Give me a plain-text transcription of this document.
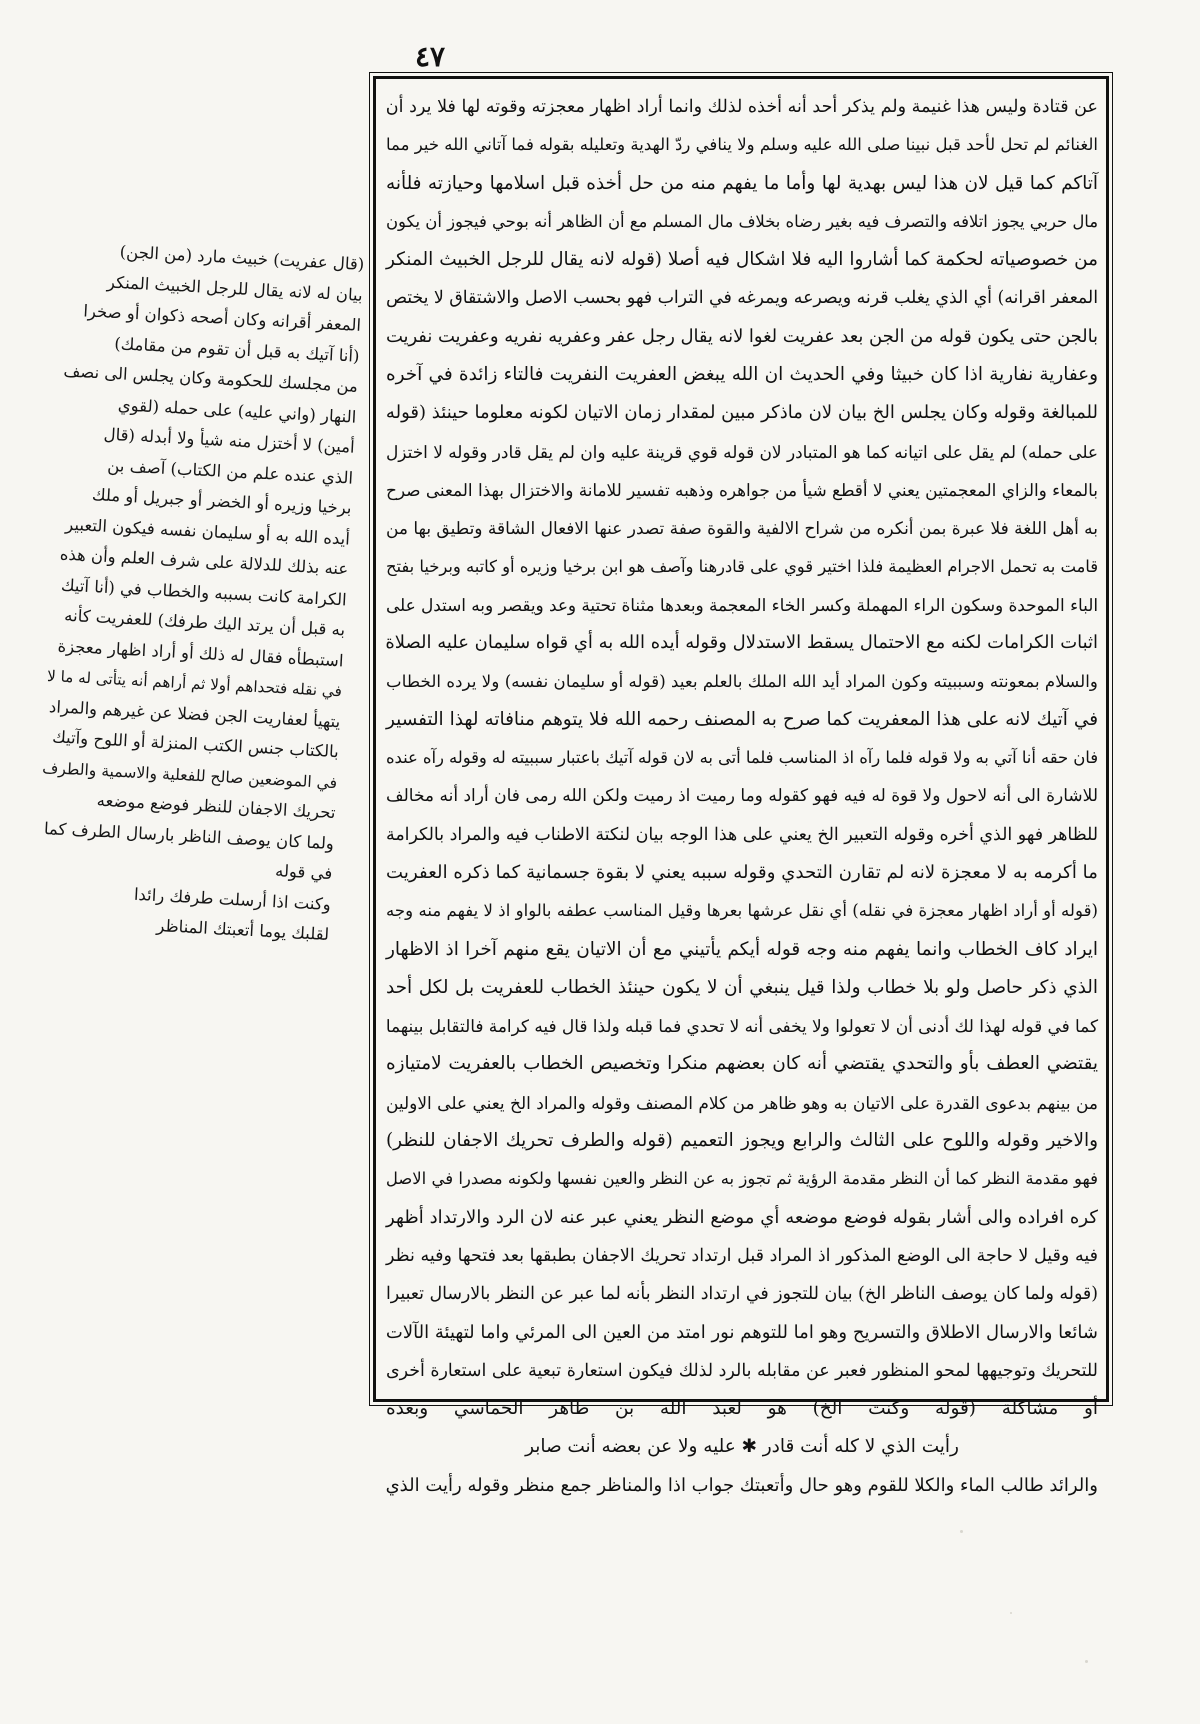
٤٧
عن قتادة وليس هذا غنيمة ولم يذكر أحد أنه أخذه لذلك وانما أراد اظهار معجزته وقوته لها فلا يرد أن
الغنائم لم تحل لأحد قبل نبينا صلى الله عليه وسلم ولا ينافي ردّ الهدية وتعليله بقوله فما آتاني الله خير مما
آتاكم كما قيل لان هذا ليس بهدية لها وأما ما يفهم منه من حل أخذه قبل اسلامها وحيازته فلأنه
مال حربي يجوز اتلافه والتصرف فيه بغير رضاه بخلاف مال المسلم مع أن الظاهر أنه بوحي فيجوز أن يكون
من خصوصياته لحكمة كما أشاروا اليه فلا اشكال فيه أصلا (قوله لانه يقال للرجل الخبيث المنكر
المعفر اقرانه) أي الذي يغلب قرنه ويصرعه ويمرغه في التراب فهو بحسب الاصل والاشتقاق لا يختص
بالجن حتى يكون قوله من الجن بعد عفريت لغوا لانه يقال رجل عفر وعفريه نفريه وعفريت نفريت
وعفارية نفارية اذا كان خبيثا وفي الحديث ان الله يبغض العفريت النفريت فالتاء زائدة في آخره
للمبالغة وقوله وكان يجلس الخ بيان لان ماذكر مبين لمقدار زمان الاتيان لكونه معلوما حينئذ (قوله
على حمله) لم يقل على اتيانه كما هو المتبادر لان قوله قوي قرينة عليه وان لم يقل قادر وقوله لا اختزل
بالمعاء والزاي المعجمتين يعني لا أقطع شيأ من جواهره وذهبه تفسير للامانة والاختزال بهذا المعنى صرح
به أهل اللغة فلا عبرة بمن أنكره من شراح الالفية والقوة صفة تصدر عنها الافعال الشاقة وتطيق بها من
قامت به تحمل الاجرام العظيمة فلذا اختير قوي على قادرهنا وآصف هو ابن برخيا وزيره أو كاتبه وبرخيا بفتح
الباء الموحدة وسكون الراء المهملة وكسر الخاء المعجمة وبعدها مثناة تحتية وعد ويقصر وبه استدل على
اثبات الكرامات لكنه مع الاحتمال يسقط الاستدلال وقوله أيده الله به أي قواه سليمان عليه الصلاة
والسلام بمعونته وسببيته وكون المراد أيد الله الملك بالعلم بعيد (قوله أو سليمان نفسه) ولا يرده الخطاب
في آتيك لانه على هذا المعفريت كما صرح به المصنف رحمه الله فلا يتوهم منافاته لهذا التفسير
فان حقه أنا آتي به ولا قوله فلما رآه اذ المناسب فلما أتى به لان قوله آتيك باعتبار سببيته له وقوله رآه عنده
للاشارة الى أنه لاحول ولا قوة له فيه فهو كقوله وما رميت اذ رميت ولكن الله رمى فان أراد أنه مخالف
للظاهر فهو الذي أخره وقوله التعبير الخ يعني على هذا الوجه بيان لنكتة الاطناب فيه والمراد بالكرامة
ما أكرمه به لا معجزة لانه لم تقارن التحدي وقوله سببه يعني لا بقوة جسمانية كما ذكره العفريت
(قوله أو أراد اظهار معجزة في نقله) أي نقل عرشها بعرها وقيل المناسب عطفه بالواو اذ لا يفهم منه وجه
ايراد كاف الخطاب وانما يفهم منه وجه قوله أيكم يأتيني مع أن الاتيان يقع منهم آخرا اذ الاظهار
الذي ذكر حاصل ولو بلا خطاب ولذا قيل ينبغي أن لا يكون حينئذ الخطاب للعفريت بل لكل أحد
كما في قوله لهذا لك أدنى أن لا تعولوا ولا يخفى أنه لا تحدي فما قبله ولذا قال فيه كرامة فالتقابل بينهما
يقتضي العطف بأو والتحدي يقتضي أنه كان بعضهم منكرا وتخصيص الخطاب بالعفريت لامتيازه
من بينهم بدعوى القدرة على الاتيان به وهو ظاهر من كلام المصنف وقوله والمراد الخ يعني على الاولين
والاخير وقوله واللوح على الثالث والرابع ويجوز التعميم (قوله والطرف تحريك الاجفان للنظر)
فهو مقدمة النظر كما أن النظر مقدمة الرؤية ثم تجوز به عن النظر والعين نفسها ولكونه مصدرا في الاصل
كره افراده والى أشار بقوله فوضع موضعه أي موضع النظر يعني عبر عنه لان الرد والارتداد أظهر
فيه وقيل لا حاجة الى الوضع المذكور اذ المراد قبل ارتداد تحريك الاجفان بطبقها بعد فتحها وفيه نظر
(قوله ولما كان يوصف الناظر الخ) بيان للتجوز في ارتداد النظر بأنه لما عبر عن النظر بالارسال تعبيرا
شائعا والارسال الاطلاق والتسريح وهو اما للتوهم نور امتد من العين الى المرئي واما لتهيئة الآلات
للتحريك وتوجيهها لمحو المنظور فعبر عن مقابله بالرد لذلك فيكون استعارة تبعية على استعارة أخرى
أو مشاكلة (قوله وكنت الخ) هو لعبد الله بن طاهر الحماسي وبعده
رأيت الذي لا كله أنت قادر ✱ عليه ولا عن بعضه أنت صابر
والرائد طالب الماء والكلا للقوم وهو حال وأتعبتك جواب اذا والمناظر جمع منظر وقوله رأيت الذي
(قال عفريت) خبيث مارد (من الجن)
بيان له لانه يقال للرجل الخبيث المنكر
المعفر أقرانه وكان أصحه ذكوان أو صخرا
(أنا آتيك به قبل أن تقوم من مقامك)
من مجلسك للحكومة وكان يجلس الى نصف
النهار (واني عليه) على حمله (لقوي
أمين) لا أختزل منه شيأ ولا أبدله (قال
الذي عنده علم من الكتاب) آصف بن
برخيا وزيره أو الخضر أو جبريل أو ملك
أيده الله به أو سليمان نفسه فيكون التعبير
عنه بذلك للدلالة على شرف العلم وأن هذه
الكرامة كانت بسببه والخطاب في (أنا آتيك
به قبل أن يرتد اليك طرفك) للعفريت كأنه
استبطأه فقال له ذلك أو أراد اظهار معجزة
في نقله فتحداهم أولا ثم أراهم أنه يتأتى له ما لا
يتهيأ لعفاريت الجن فضلا عن غيرهم والمراد
بالكتاب جنس الكتب المنزلة أو اللوح وآتيك
في الموضعين صالح للفعلية والاسمية والطرف
تحريك الاجفان للنظر فوضع موضعه
ولما كان يوصف الناظر بارسال الطرف كما
في قوله
وكنت اذا أرسلت طرفك رائدا
لقلبك يوما أتعبتك المناظر
